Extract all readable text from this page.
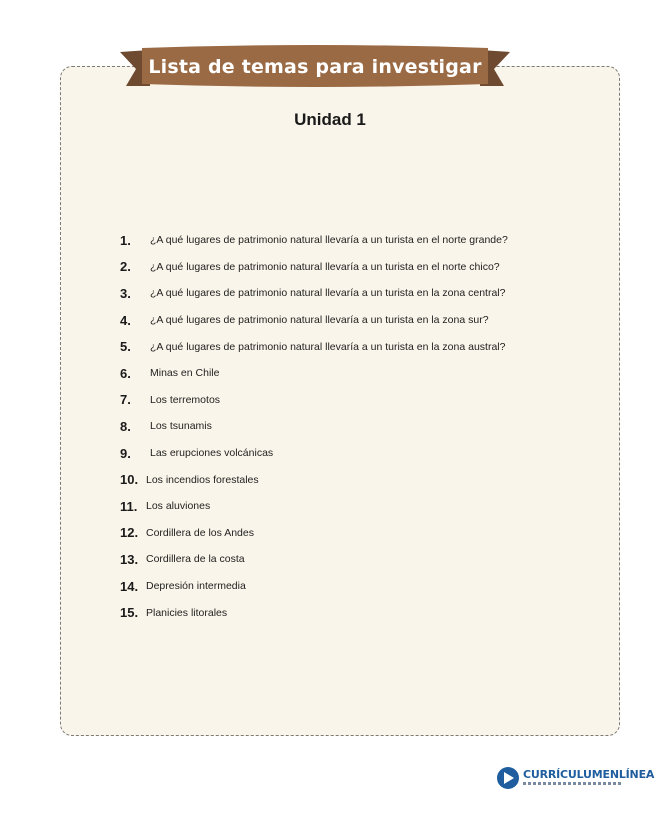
Lista de temas para investigar
Unidad 1
1.	¿A qué lugares de patrimonio natural llevaría a un turista en el norte grande?
2.	¿A qué lugares de patrimonio natural llevaría a un turista en el norte chico?
3.	¿A qué lugares de patrimonio natural llevaría a un turista en la zona central?
4.	¿A qué lugares de patrimonio natural llevaría a un turista en la zona sur?
5.	¿A qué lugares de patrimonio natural llevaría a un turista en la zona austral?
6.	Minas en Chile
7.	Los terremotos
8.	Los tsunamis
9.	Las erupciones volcánicas
10. Los incendios forestales
11. Los aluviones
12. Cordillera de los Andes
13. Cordillera de la costa
14. Depresión intermedia
15. Planicies litorales
CURRÍCULUMENLÍNEA
